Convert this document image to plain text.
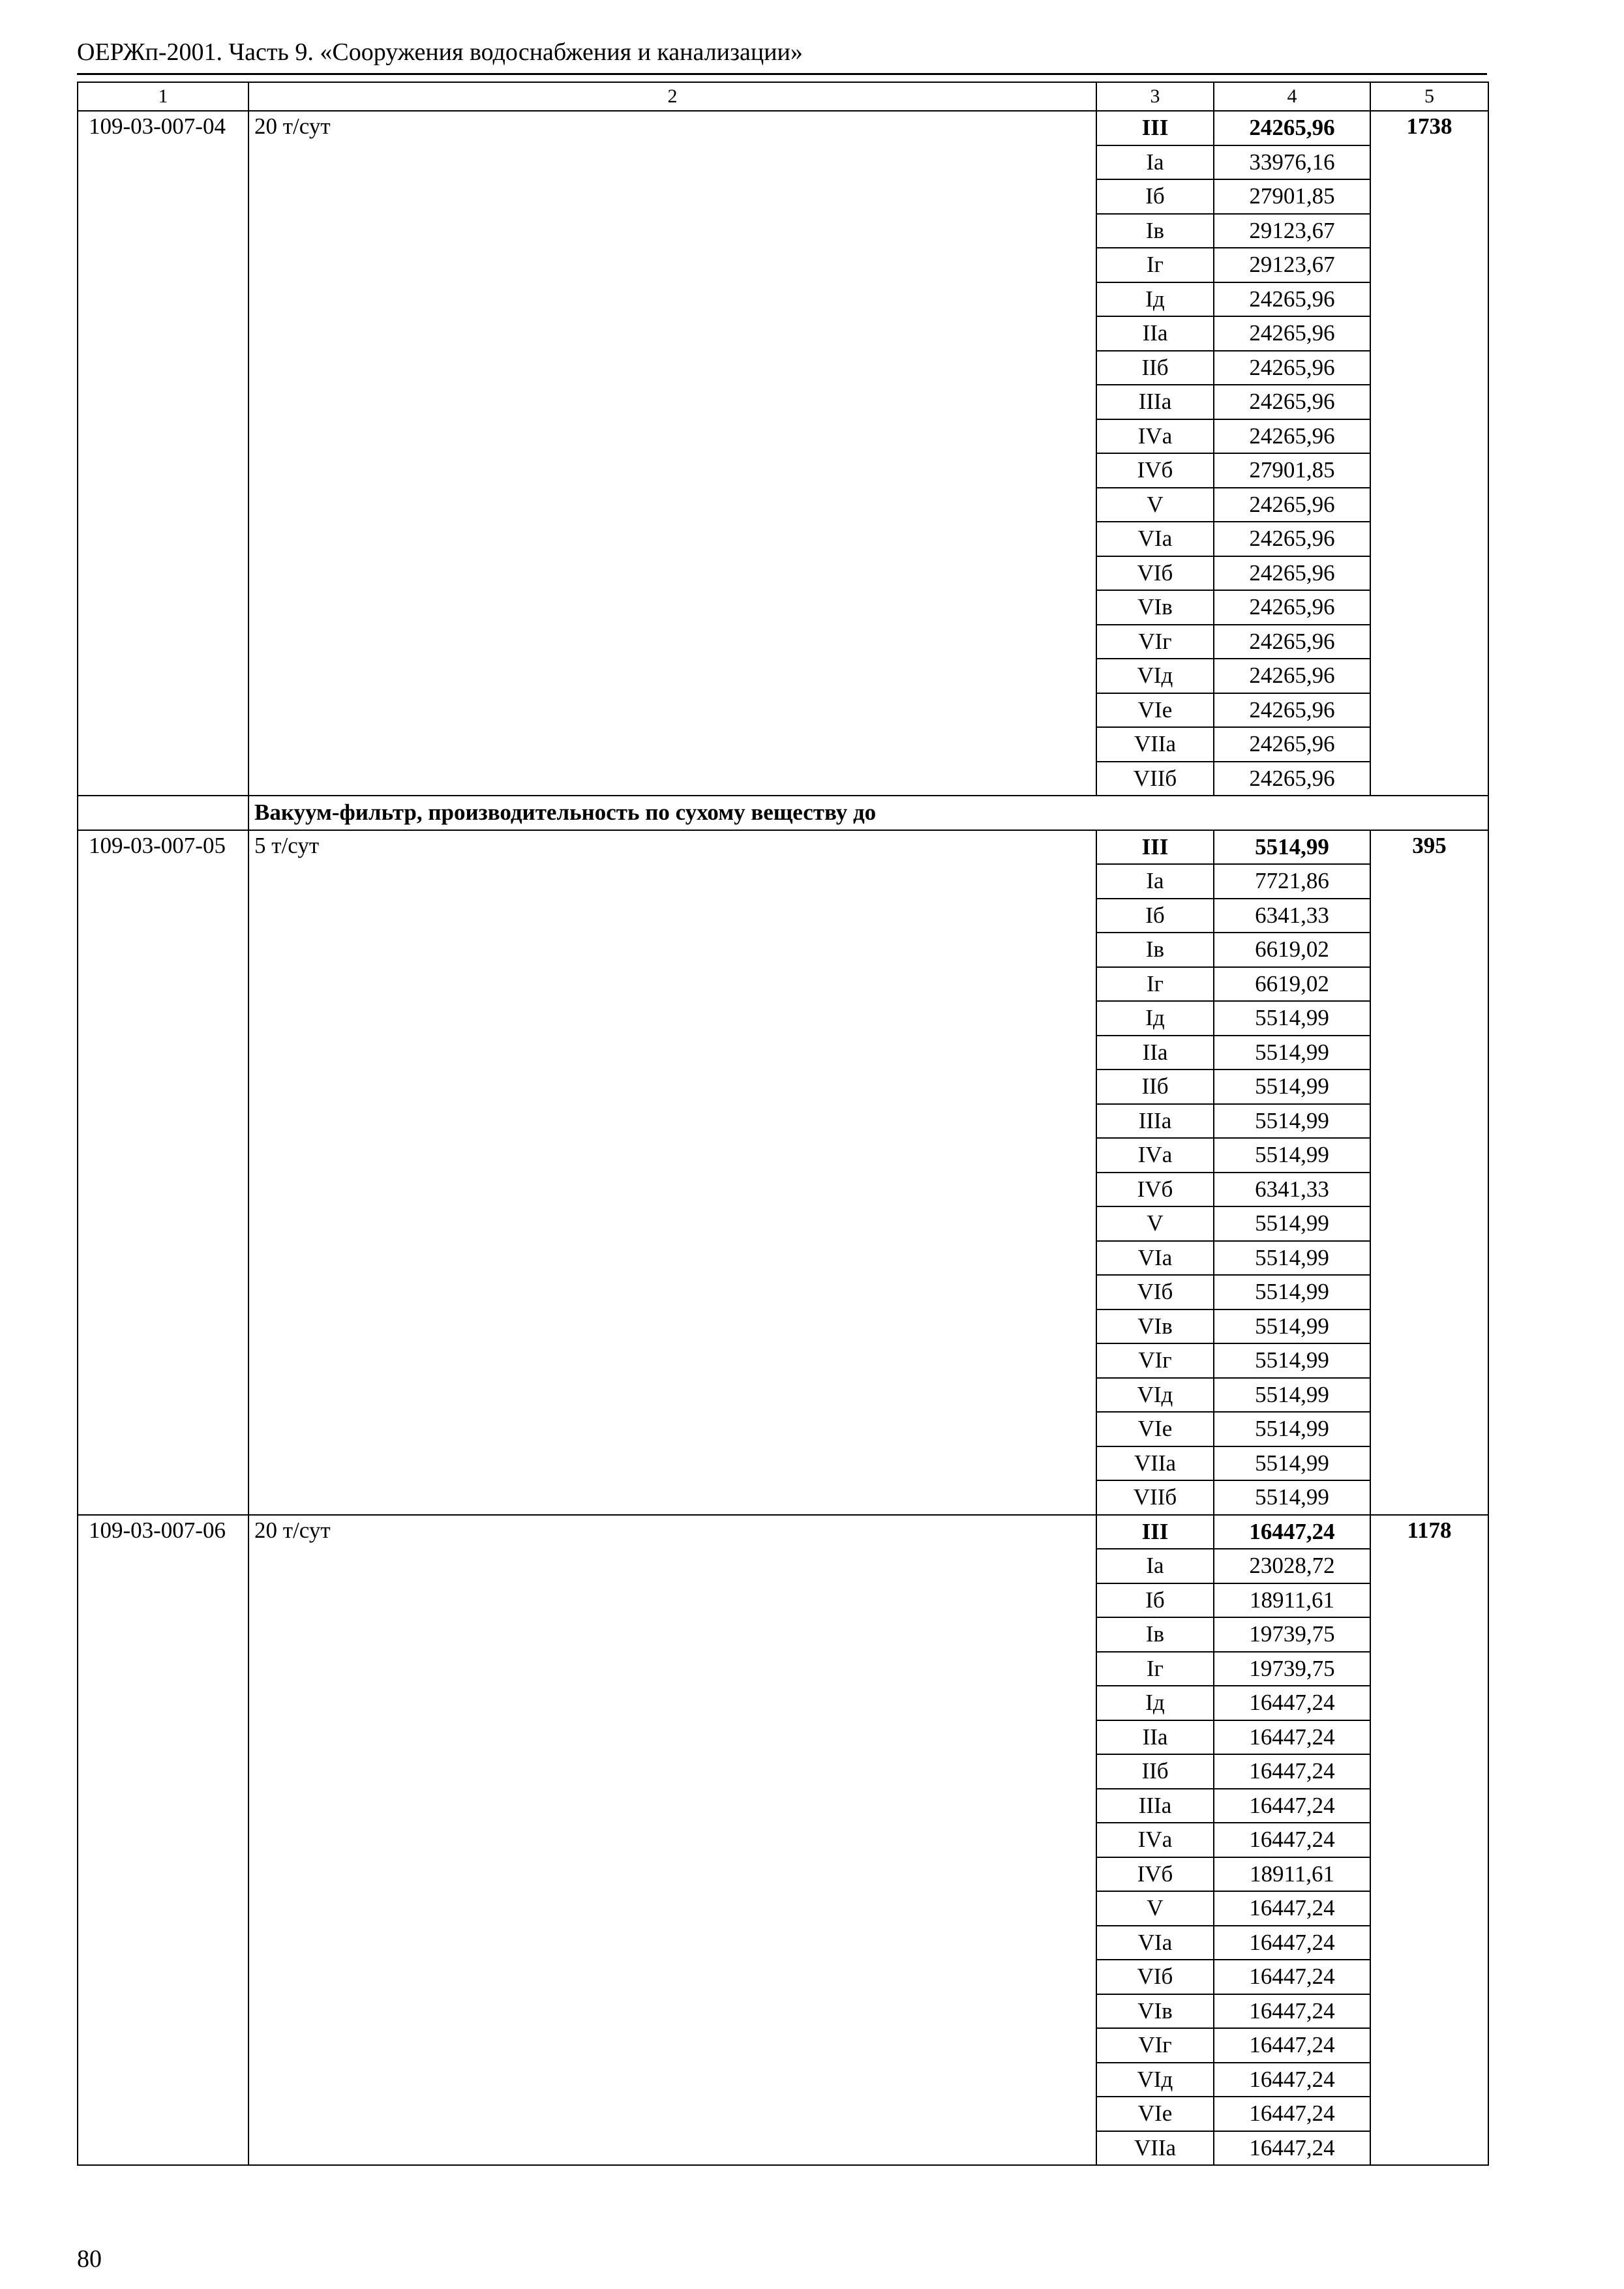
ОЕРЖп-2001. Часть 9. «Сооружения водоснабжения и канализации»
1	2	3	4	5
109-03-007-04	20 т/сут	III	24265,96	1738
		Iа	33976,16	
		Iб	27901,85	
		Iв	29123,67	
		Iг	29123,67	
		Iд	24265,96	
		IIа	24265,96	
		IIб	24265,96	
		IIIа	24265,96	
		IVа	24265,96	
		IVб	27901,85	
		V	24265,96	
		VIа	24265,96	
		VIб	24265,96	
		VIв	24265,96	
		VIг	24265,96	
		VIд	24265,96	
		VIе	24265,96	
		VIIа	24265,96	
		VIIб	24265,96	
	Вакуум-фильтр, производительность по сухому веществу до			
109-03-007-05	5 т/сут	III	5514,99	395
		Iа	7721,86	
		Iб	6341,33	
		Iв	6619,02	
		Iг	6619,02	
		Iд	5514,99	
		IIа	5514,99	
		IIб	5514,99	
		IIIа	5514,99	
		IVа	5514,99	
		IVб	6341,33	
		V	5514,99	
		VIа	5514,99	
		VIб	5514,99	
		VIв	5514,99	
		VIг	5514,99	
		VIд	5514,99	
		VIе	5514,99	
		VIIа	5514,99	
		VIIб	5514,99	
109-03-007-06	20 т/сут	III	16447,24	1178
		Iа	23028,72	
		Iб	18911,61	
		Iв	19739,75	
		Iг	19739,75	
		Iд	16447,24	
		IIа	16447,24	
		IIб	16447,24	
		IIIа	16447,24	
		IVа	16447,24	
		IVб	18911,61	
		V	16447,24	
		VIа	16447,24	
		VIб	16447,24	
		VIв	16447,24	
		VIг	16447,24	
		VIд	16447,24	
		VIе	16447,24	
		VIIа	16447,24	
80
